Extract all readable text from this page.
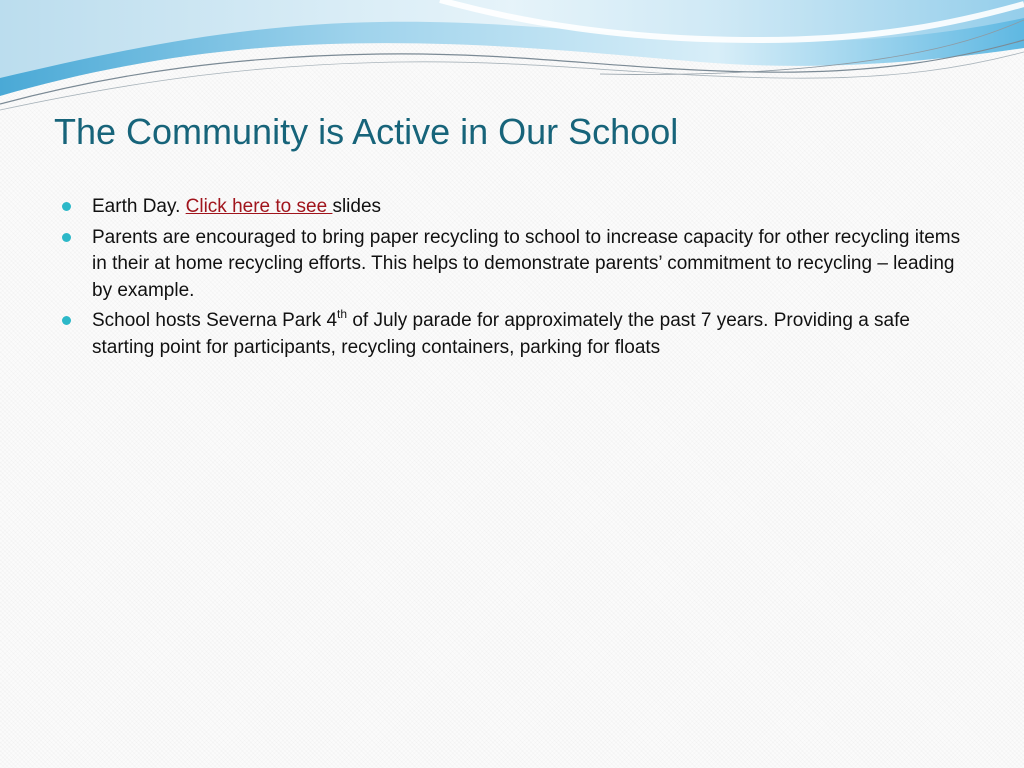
The Community is Active in Our School
Earth Day. Click here to see slides
Parents are encouraged to bring paper recycling to school to increase capacity for other recycling items in their at home recycling efforts. This helps to demonstrate parents’ commitment to recycling – leading by example.
School hosts Severna Park 4th of July parade for approximately the past 7 years. Providing a safe starting point for participants, recycling containers, parking for floats
